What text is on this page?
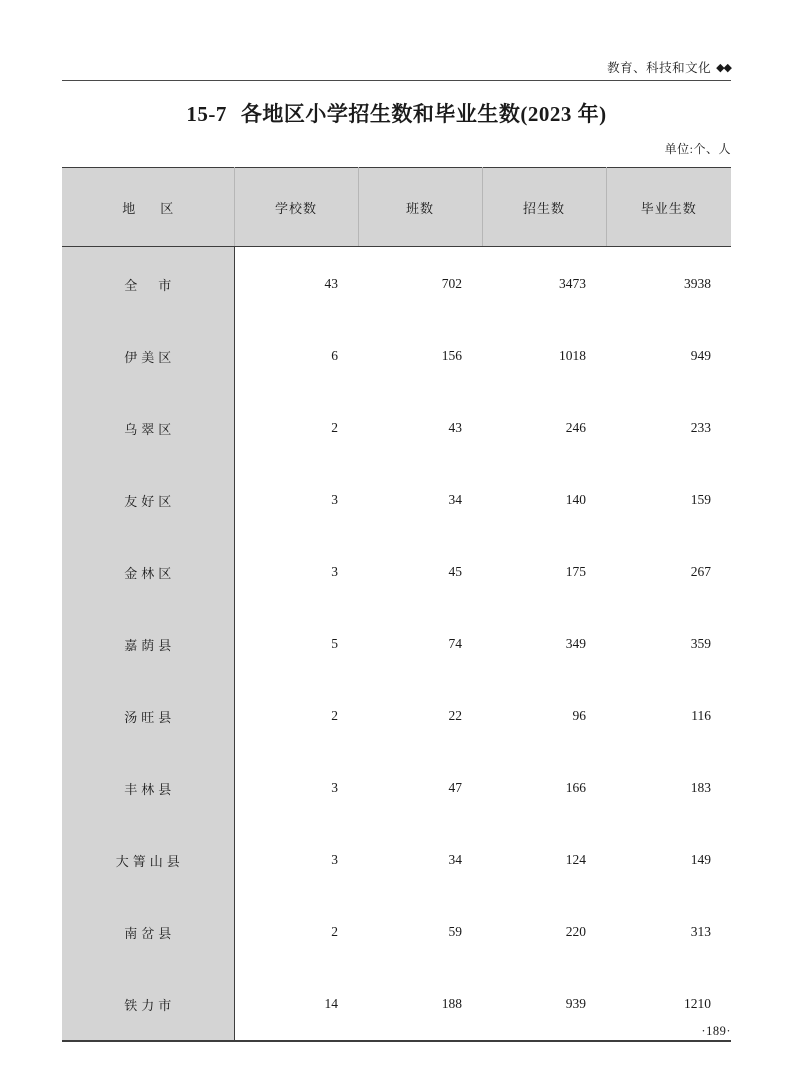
教育、科技和文化 ◆◆
15-7 各地区小学招生数和毕业生数(2023 年)
单位:个、人
地　区	学校数	班数	招生数	毕业生数
全　市	43	702	3473	3938
伊美区	6	156	1018	949
乌翠区	2	43	246	233
友好区	3	34	140	159
金林区	3	45	175	267
嘉荫县	5	74	349	359
汤旺县	2	22	96	116
丰林县	3	47	166	183
大箐山县	3	34	124	149
南岔县	2	59	220	313
铁力市	14	188	939	1210
·189·
